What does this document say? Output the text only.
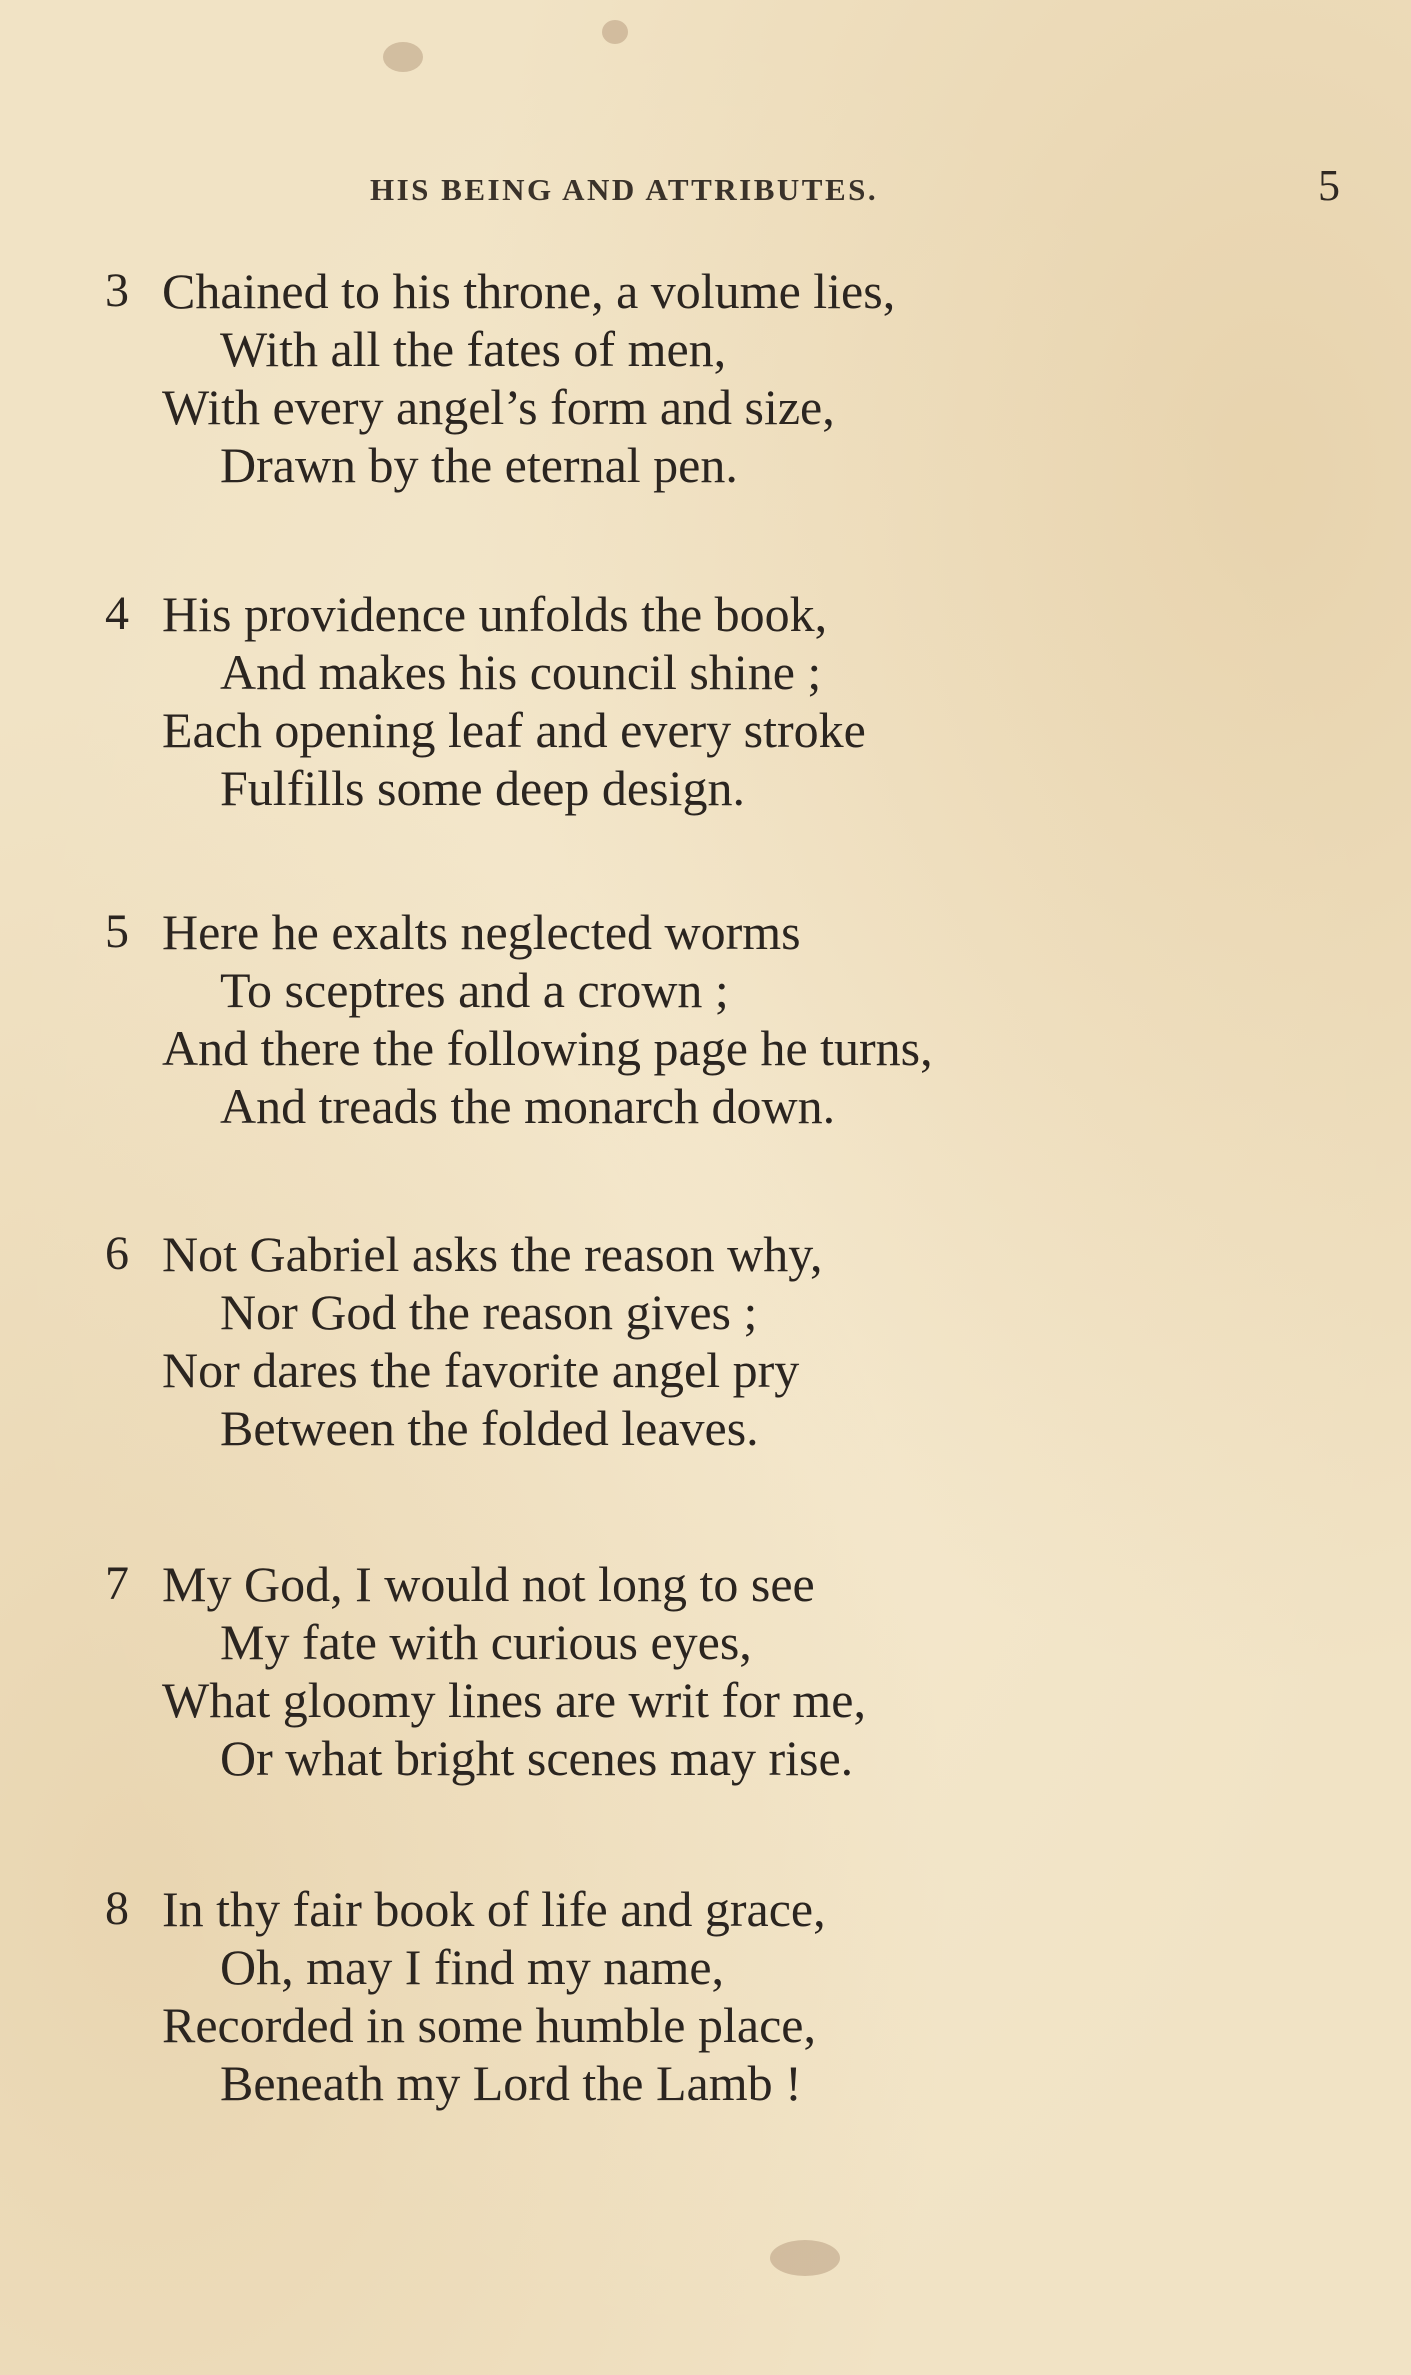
HIS BEING AND ATTRIBUTES.	5
3 Chained to his throne, a volume lies,
With all the fates of men,
With every angel’s form and size,
Drawn by the eternal pen.
4 His providence unfolds the book,
And makes his council shine ;
Each opening leaf and every stroke
Fulfills some deep design.
5 Here he exalts neglected worms
To sceptres and a crown ;
And there the following page he turns,
And treads the monarch down.
6 Not Gabriel asks the reason why,
Nor God the reason gives ;
Nor dares the favorite angel pry
Between the folded leaves.
7 My God, I would not long to see
My fate with curious eyes,
What gloomy lines are writ for me,
Or what bright scenes may rise.
8 In thy fair book of life and grace,
Oh, may I find my name,
Recorded in some humble place,
Beneath my Lord the Lamb !
